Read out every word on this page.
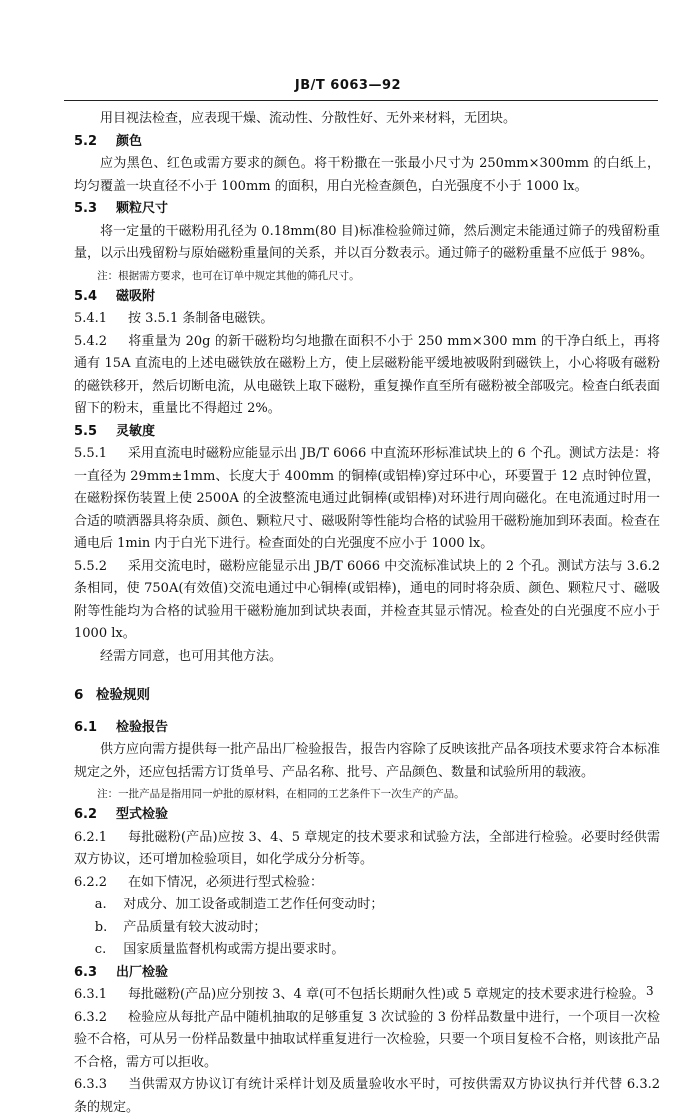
JB/T 6063—92

用目视法检查，应表现干燥、流动性、分散性好、无外来材料，无团块。

5.2 颜色

应为黑色、红色或需方要求的颜色。将干粉撒在一张最小尺寸为 250mm×300mm 的白纸上，均匀覆盖一块直径不小于 100mm 的面积，用白光检查颜色，白光强度不小于 1000 lx。

5.3 颗粒尺寸

将一定量的干磁粉用孔径为 0.18mm(80 目)标准检验筛过筛，然后测定未能通过筛子的残留粉重量，以示出残留粉与原始磁粉重量间的关系，并以百分数表示。通过筛子的磁粉重量不应低于 98%。

注：根据需方要求，也可在订单中规定其他的筛孔尺寸。

5.4 磁吸附

5.4.1 按 3.5.1 条制备电磁铁。

5.4.2 将重量为 20g 的新干磁粉均匀地撒在面积不小于 250 mm×300 mm 的干净白纸上，再将通有 15A 直流电的上述电磁铁放在磁粉上方，使上层磁粉能平缓地被吸附到磁铁上，小心将吸有磁粉的磁铁移开，然后切断电流，从电磁铁上取下磁粉，重复操作直至所有磁粉被全部吸完。检查白纸表面留下的粉末，重量比不得超过 2%。

5.5 灵敏度

5.5.1 采用直流电时磁粉应能显示出 JB/T 6066 中直流环形标准试块上的 6 个孔。测试方法是：将一直径为 29mm±1mm、长度大于 400mm 的铜棒(或铝棒)穿过环中心，环要置于 12 点时钟位置，在磁粉探伤装置上使 2500A 的全波整流电通过此铜棒(或铝棒)对环进行周向磁化。在电流通过时用一合适的喷洒器具将杂质、颜色、颗粒尺寸、磁吸附等性能均合格的试验用干磁粉施加到环表面。检查在通电后 1min 内于白光下进行。检查面处的白光强度不应小于 1000 lx。

5.5.2 采用交流电时，磁粉应能显示出 JB/T 6066 中交流标准试块上的 2 个孔。测试方法与 3.6.2 条相同，使 750A(有效值)交流电通过中心铜棒(或铝棒)，通电的同时将杂质、颜色、颗粒尺寸、磁吸附等性能均为合格的试验用干磁粉施加到试块表面，并检查其显示情况。检查处的白光强度不应小于 1000 lx。

经需方同意，也可用其他方法。

6 检验规则

6.1 检验报告

供方应向需方提供每一批产品出厂检验报告，报告内容除了反映该批产品各项技术要求符合本标准规定之外，还应包括需方订货单号、产品名称、批号、产品颜色、数量和试验所用的载液。

注：一批产品是指用同一炉批的原材料，在相同的工艺条件下一次生产的产品。

6.2 型式检验

6.2.1 每批磁粉(产品)应按 3、4、5 章规定的技术要求和试验方法，全部进行检验。必要时经供需双方协议，还可增加检验项目，如化学成分分析等。

6.2.2 在如下情况，必须进行型式检验：

a. 对成分、加工设备或制造工艺作任何变动时；

b. 产品质量有较大波动时；

c. 国家质量监督机构或需方提出要求时。

6.3 出厂检验

6.3.1 每批磁粉(产品)应分别按 3、4 章(可不包括长期耐久性)或 5 章规定的技术要求进行检验。

6.3.2 检验应从每批产品中随机抽取的足够重复 3 次试验的 3 份样品数量中进行，一个项目一次检验不合格，可从另一份样品数量中抽取试样重复进行一次检验，只要一个项目复检不合格，则该批产品不合格，需方可以拒收。

6.3.3 当供需双方协议订有统计采样计划及质量验收水平时，可按供需双方协议执行并代替 6.3.2 条的规定。

3
